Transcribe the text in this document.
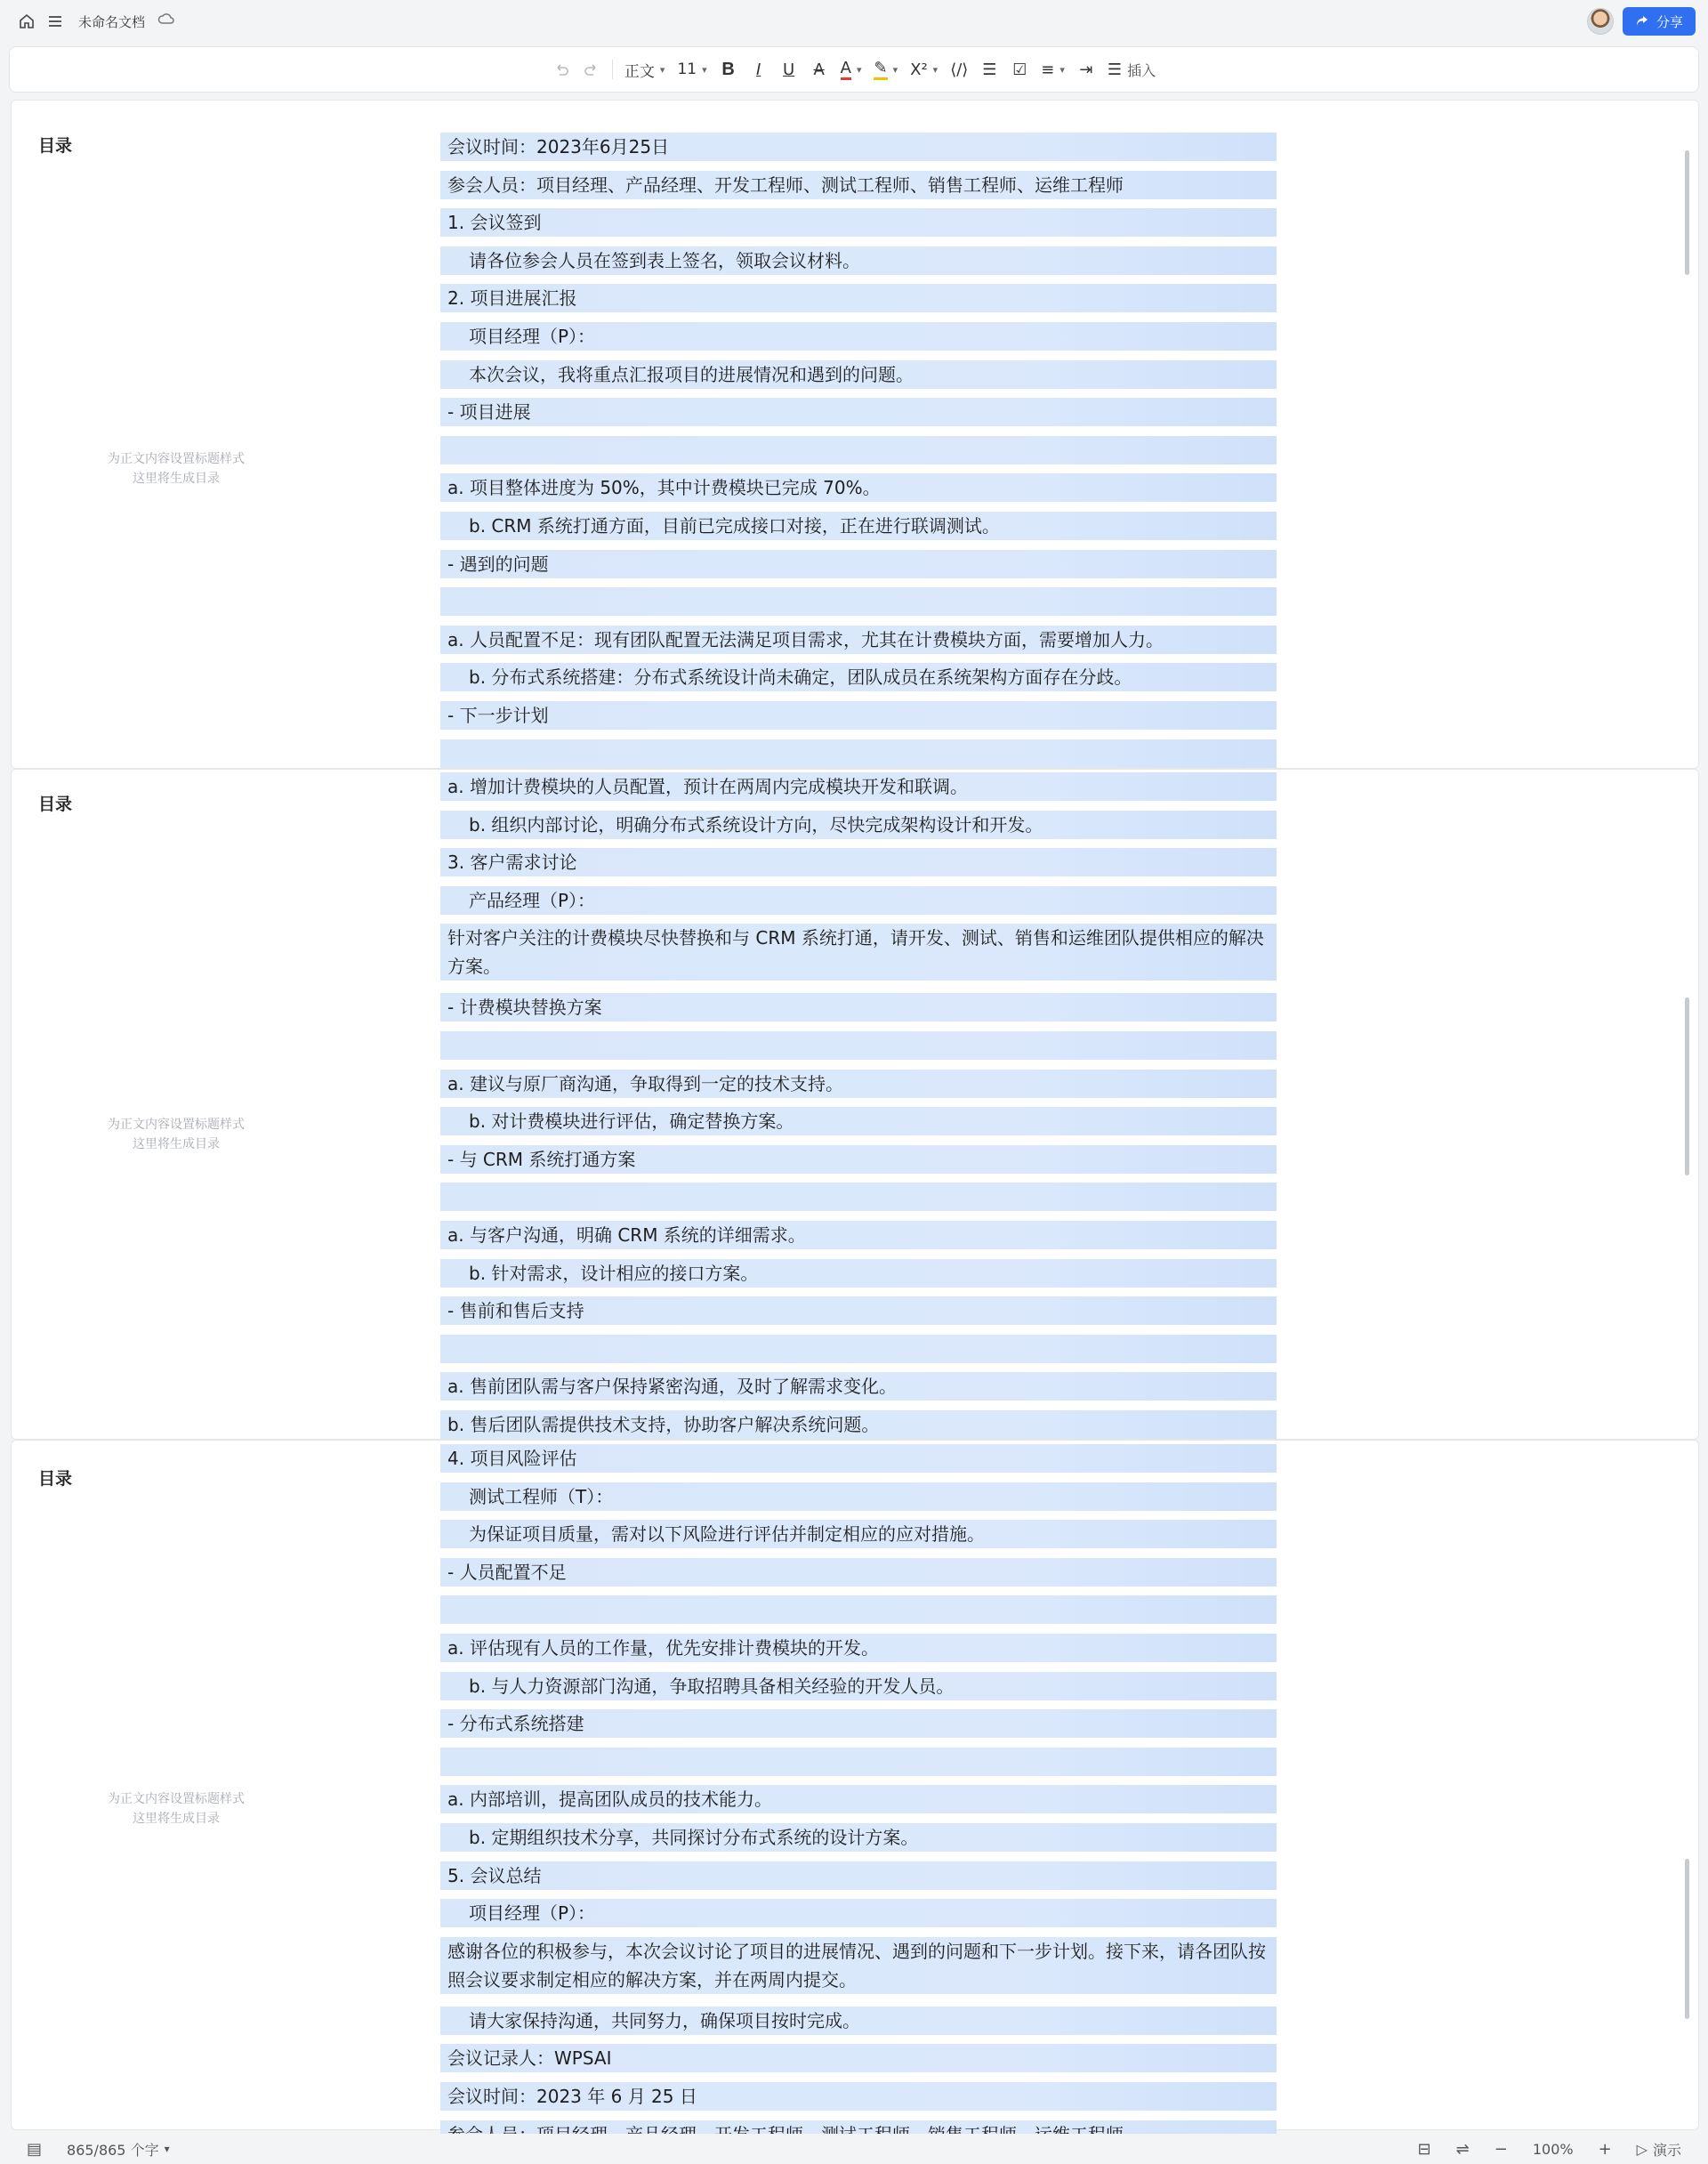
未命名文档	分享
正文 ▾ 11 ▾ B	I	U	A A ▾ ✎ ▾ X² ▾ ⟨/⟩ ☰ ☑ ≡ ▾ ⇥ ☰ 插入
目录
为正文内容设置标题样式
这里将生成目录
会议时间：2023年6月25日
参会人员：项目经理、产品经理、开发工程师、测试工程师、销售工程师、运维工程师
1. 会议签到
请各位参会人员在签到表上签名，领取会议材料。
2. 项目进展汇报
项目经理（P）：
本次会议，我将重点汇报项目的进展情况和遇到的问题。
- 项目进展
a. 项目整体进度为 50%，其中计费模块已完成 70%。
b. CRM 系统打通方面，目前已完成接口对接，正在进行联调测试。
- 遇到的问题
a. 人员配置不足：现有团队配置无法满足项目需求，尤其在计费模块方面，需要增加人力。
b. 分布式系统搭建：分布式系统设计尚未确定，团队成员在系统架构方面存在分歧。
- 下一步计划
目录
为正文内容设置标题样式
这里将生成目录
a. 增加计费模块的人员配置，预计在两周内完成模块开发和联调。
b. 组织内部讨论，明确分布式系统设计方向，尽快完成架构设计和开发。
3. 客户需求讨论
产品经理（P）：
针对客户关注的计费模块尽快替换和与 CRM 系统打通，请开发、测试、销售和运维团队提供相应的解决方案。
- 计费模块替换方案
a. 建议与原厂商沟通，争取得到一定的技术支持。
b. 对计费模块进行评估，确定替换方案。
- 与 CRM 系统打通方案
a. 与客户沟通，明确 CRM 系统的详细需求。
b. 针对需求，设计相应的接口方案。
- 售前和售后支持
a. 售前团队需与客户保持紧密沟通，及时了解需求变化。
b. 售后团队需提供技术支持，协助客户解决系统问题。
目录
为正文内容设置标题样式
这里将生成目录
4. 项目风险评估
测试工程师（T）：
为保证项目质量，需对以下风险进行评估并制定相应的应对措施。
- 人员配置不足
a. 评估现有人员的工作量，优先安排计费模块的开发。
b. 与人力资源部门沟通，争取招聘具备相关经验的开发人员。
- 分布式系统搭建
a. 内部培训，提高团队成员的技术能力。
b. 定期组织技术分享，共同探讨分布式系统的设计方案。
5. 会议总结
项目经理（P）：
感谢各位的积极参与，本次会议讨论了项目的进展情况、遇到的问题和下一步计划。接下来，请各团队按照会议要求制定相应的解决方案，并在两周内提交。
请大家保持沟通，共同努力，确保项目按时完成。
会议记录人：WPSAI
会议时间：2023 年 6 月 25 日
▤ 865/865 个字 ▾	⊟ ⇌ − 100% + ▷ 演示
